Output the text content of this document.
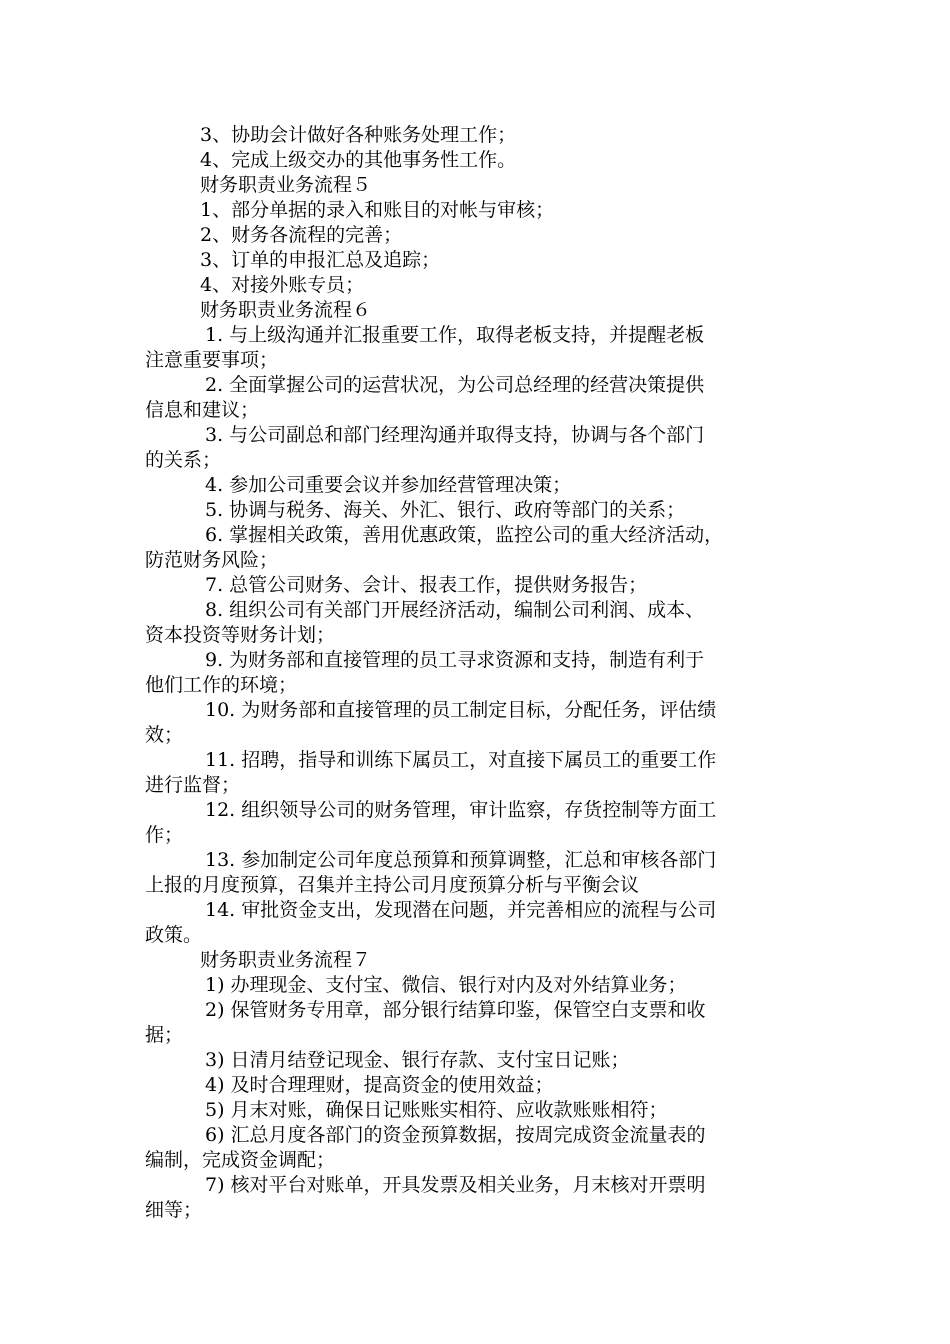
3、协助会计做好各种账务处理工作；
4、完成上级交办的其他事务性工作。
财务职责业务流程５
1、部分单据的录入和账目的对帐与审核；
2、财务各流程的完善；
3、订单的申报汇总及追踪；
4、对接外账专员；
财务职责业务流程６
1. 与上级沟通并汇报重要工作，取得老板支持，并提醒老板
注意重要事项；
2. 全面掌握公司的运营状况，为公司总经理的经营决策提供
信息和建议；
3. 与公司副总和部门经理沟通并取得支持，协调与各个部门
的关系；
4. 参加公司重要会议并参加经营管理决策；
5. 协调与税务、海关、外汇、银行、政府等部门的关系；
6. 掌握相关政策，善用优惠政策，监控公司的重大经济活动，
防范财务风险；
7. 总管公司财务、会计、报表工作，提供财务报告；
8. 组织公司有关部门开展经济活动，编制公司利润、成本、
资本投资等财务计划；
9. 为财务部和直接管理的员工寻求资源和支持，制造有利于
他们工作的环境；
10. 为财务部和直接管理的员工制定目标，分配任务，评估绩
效；
11. 招聘，指导和训练下属员工，对直接下属员工的重要工作
进行监督；
12. 组织领导公司的财务管理，审计监察，存货控制等方面工
作；
13. 参加制定公司年度总预算和预算调整，汇总和审核各部门
上报的月度预算，召集并主持公司月度预算分析与平衡会议
14. 审批资金支出，发现潜在问题，并完善相应的流程与公司
政策。
财务职责业务流程７
1) 办理现金、支付宝、微信、银行对内及对外结算业务；
2) 保管财务专用章，部分银行结算印鉴，保管空白支票和收
据；
3) 日清月结登记现金、银行存款、支付宝日记账；
4) 及时合理理财，提高资金的使用效益；
5) 月末对账，确保日记账账实相符、应收款账账相符；
6) 汇总月度各部门的资金预算数据，按周完成资金流量表的
编制，完成资金调配；
7) 核对平台对账单，开具发票及相关业务，月末核对开票明
细等；
